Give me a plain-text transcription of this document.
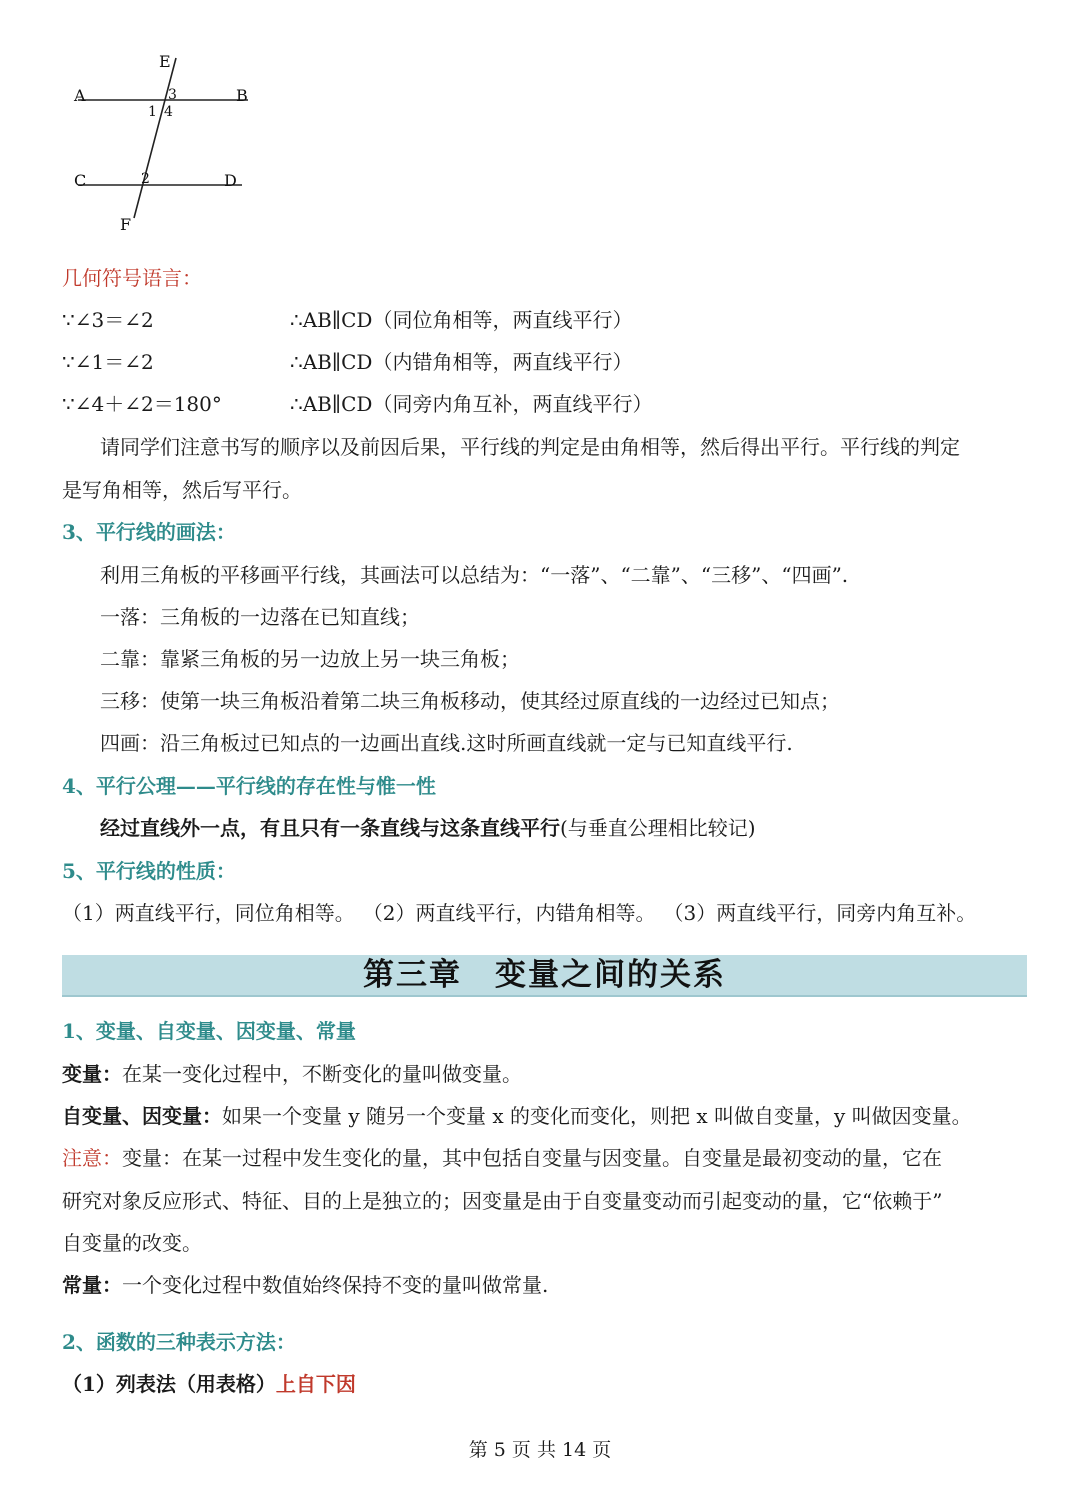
E
A	B
3
1 4
C	D
2
F
几何符号语言：
∵∠3＝∠2	∴AB∥CD（同位角相等，两直线平行）
∵∠1＝∠2	∴AB∥CD（内错角相等，两直线平行）
∵∠4＋∠2＝180°	∴AB∥CD（同旁内角互补，两直线平行）
请同学们注意书写的顺序以及前因后果，平行线的判定是由角相等，然后得出平行。平行线的判定
是写角相等，然后写平行。
3、平行线的画法：
利用三角板的平移画平行线，其画法可以总结为：“一落”、“二靠”、“三移”、“四画”.
一落：三角板的一边落在已知直线；
二靠：靠紧三角板的另一边放上另一块三角板；
三移：使第一块三角板沿着第二块三角板移动，使其经过原直线的一边经过已知点；
四画：沿三角板过已知点的一边画出直线.这时所画直线就一定与已知直线平行.
4、平行公理——平行线的存在性与惟一性
经过直线外一点，有且只有一条直线与这条直线平行(与垂直公理相比较记)
5、平行线的性质：
（1）两直线平行，同位角相等。 （2）两直线平行，内错角相等。 （3）两直线平行，同旁内角互补。
第三章　变量之间的关系
1、变量、自变量、因变量、常量
变量：在某一变化过程中，不断变化的量叫做变量。
自变量、因变量：如果一个变量 y 随另一个变量 x 的变化而变化，则把 x 叫做自变量，y 叫做因变量。
注意：变量：在某一过程中发生变化的量，其中包括自变量与因变量。自变量是最初变动的量，它在
研究对象反应形式、特征、目的上是独立的；因变量是由于自变量变动而引起变动的量，它“依赖于”
自变量的改变。
常量：一个变化过程中数值始终保持不变的量叫做常量.
2、函数的三种表示方法：
（1）列表法（用表格）上自下因
第 5 页 共 14 页
